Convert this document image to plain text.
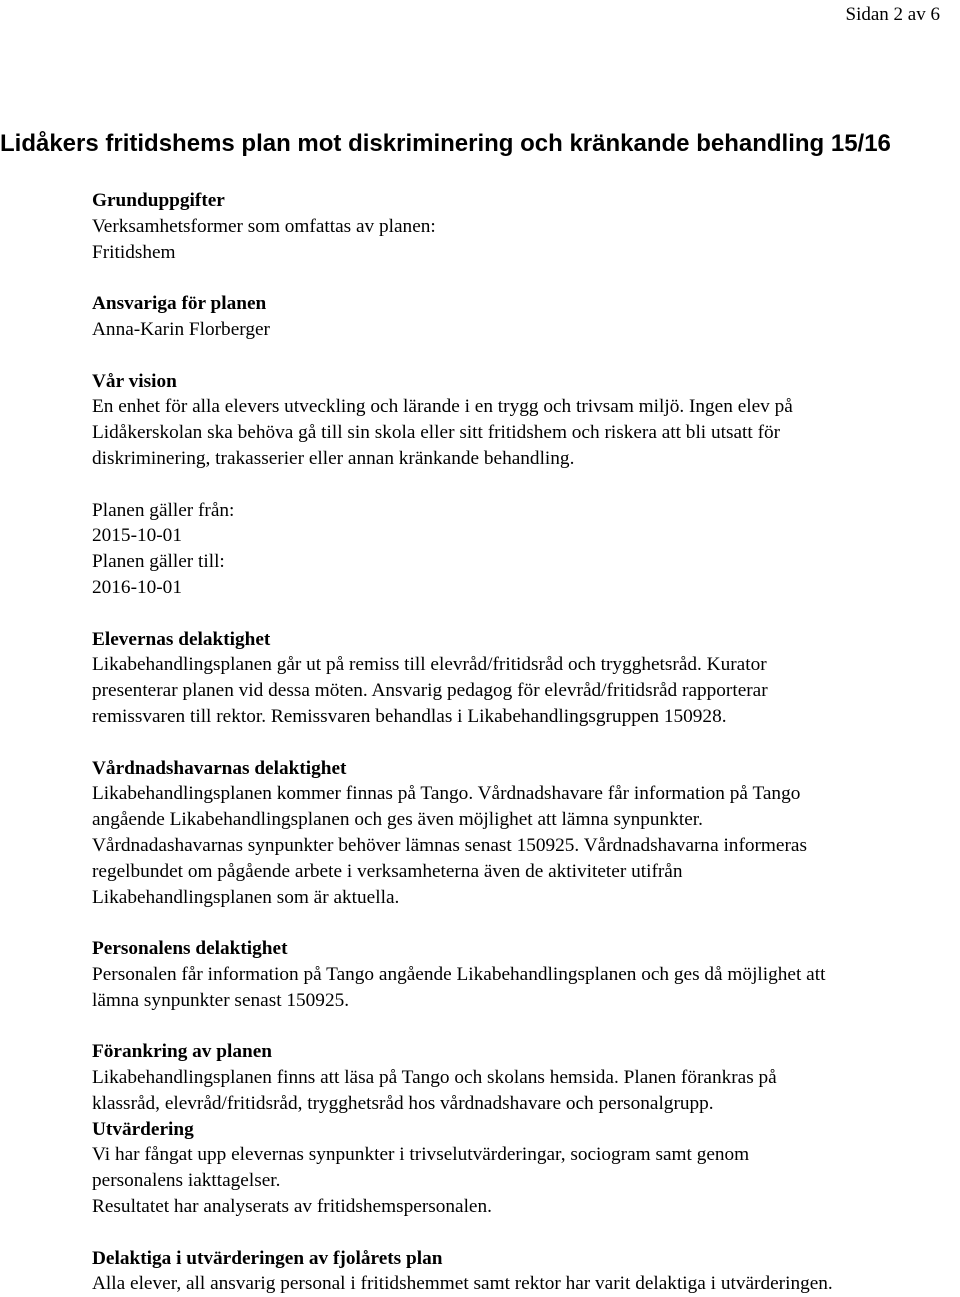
Sidan 2 av 6
Lidåkers fritidshems plan mot diskriminering och kränkande behandling 15/16

Grunduppgifter

Verksamhetsformer som omfattas av planen:

Fritidshem

Ansvariga för planen

Anna-Karin Florberger

Vår vision

En enhet för alla elevers utveckling och lärande i en trygg och trivsam miljö. Ingen elev på

Lidåkerskolan ska behöva gå till sin skola eller sitt fritidshem och riskera att bli utsatt för

diskriminering, trakasserier eller annan kränkande behandling.

Planen gäller från:

2015-10-01

Planen gäller till:

2016-10-01

Elevernas delaktighet

Likabehandlingsplanen går ut på remiss till elevråd/fritidsråd och trygghetsråd. Kurator

presenterar planen vid dessa möten. Ansvarig pedagog för elevråd/fritidsråd rapporterar

remissvaren till rektor. Remissvaren behandlas i Likabehandlingsgruppen 150928.

Vårdnadshavarnas delaktighet

Likabehandlingsplanen kommer finnas på Tango. Vårdnadshavare får information på Tango

angående Likabehandlingsplanen och ges även möjlighet att lämna synpunkter.

Vårdnadashavarnas synpunkter behöver lämnas senast 150925. Vårdnadshavarna informeras

regelbundet om pågående arbete i verksamheterna även de aktiviteter utifrån

Likabehandlingsplanen som är aktuella.

Personalens delaktighet

Personalen får information på Tango angående Likabehandlingsplanen och ges då möjlighet att

lämna synpunkter senast 150925.

Förankring av planen

Likabehandlingsplanen finns att läsa på Tango och skolans hemsida. Planen förankras på

klassråd, elevråd/fritidsråd, trygghetsråd hos vårdnadshavare och personalgrupp.

Utvärdering

Vi har fångat upp elevernas synpunkter i trivselutvärderingar, sociogram samt genom

personalens iakttagelser.

Resultatet har analyserats av fritidshemspersonalen.

Delaktiga i utvärderingen av fjolårets plan

Alla elever, all ansvarig personal i fritidshemmet samt rektor har varit delaktiga i utvärderingen.
